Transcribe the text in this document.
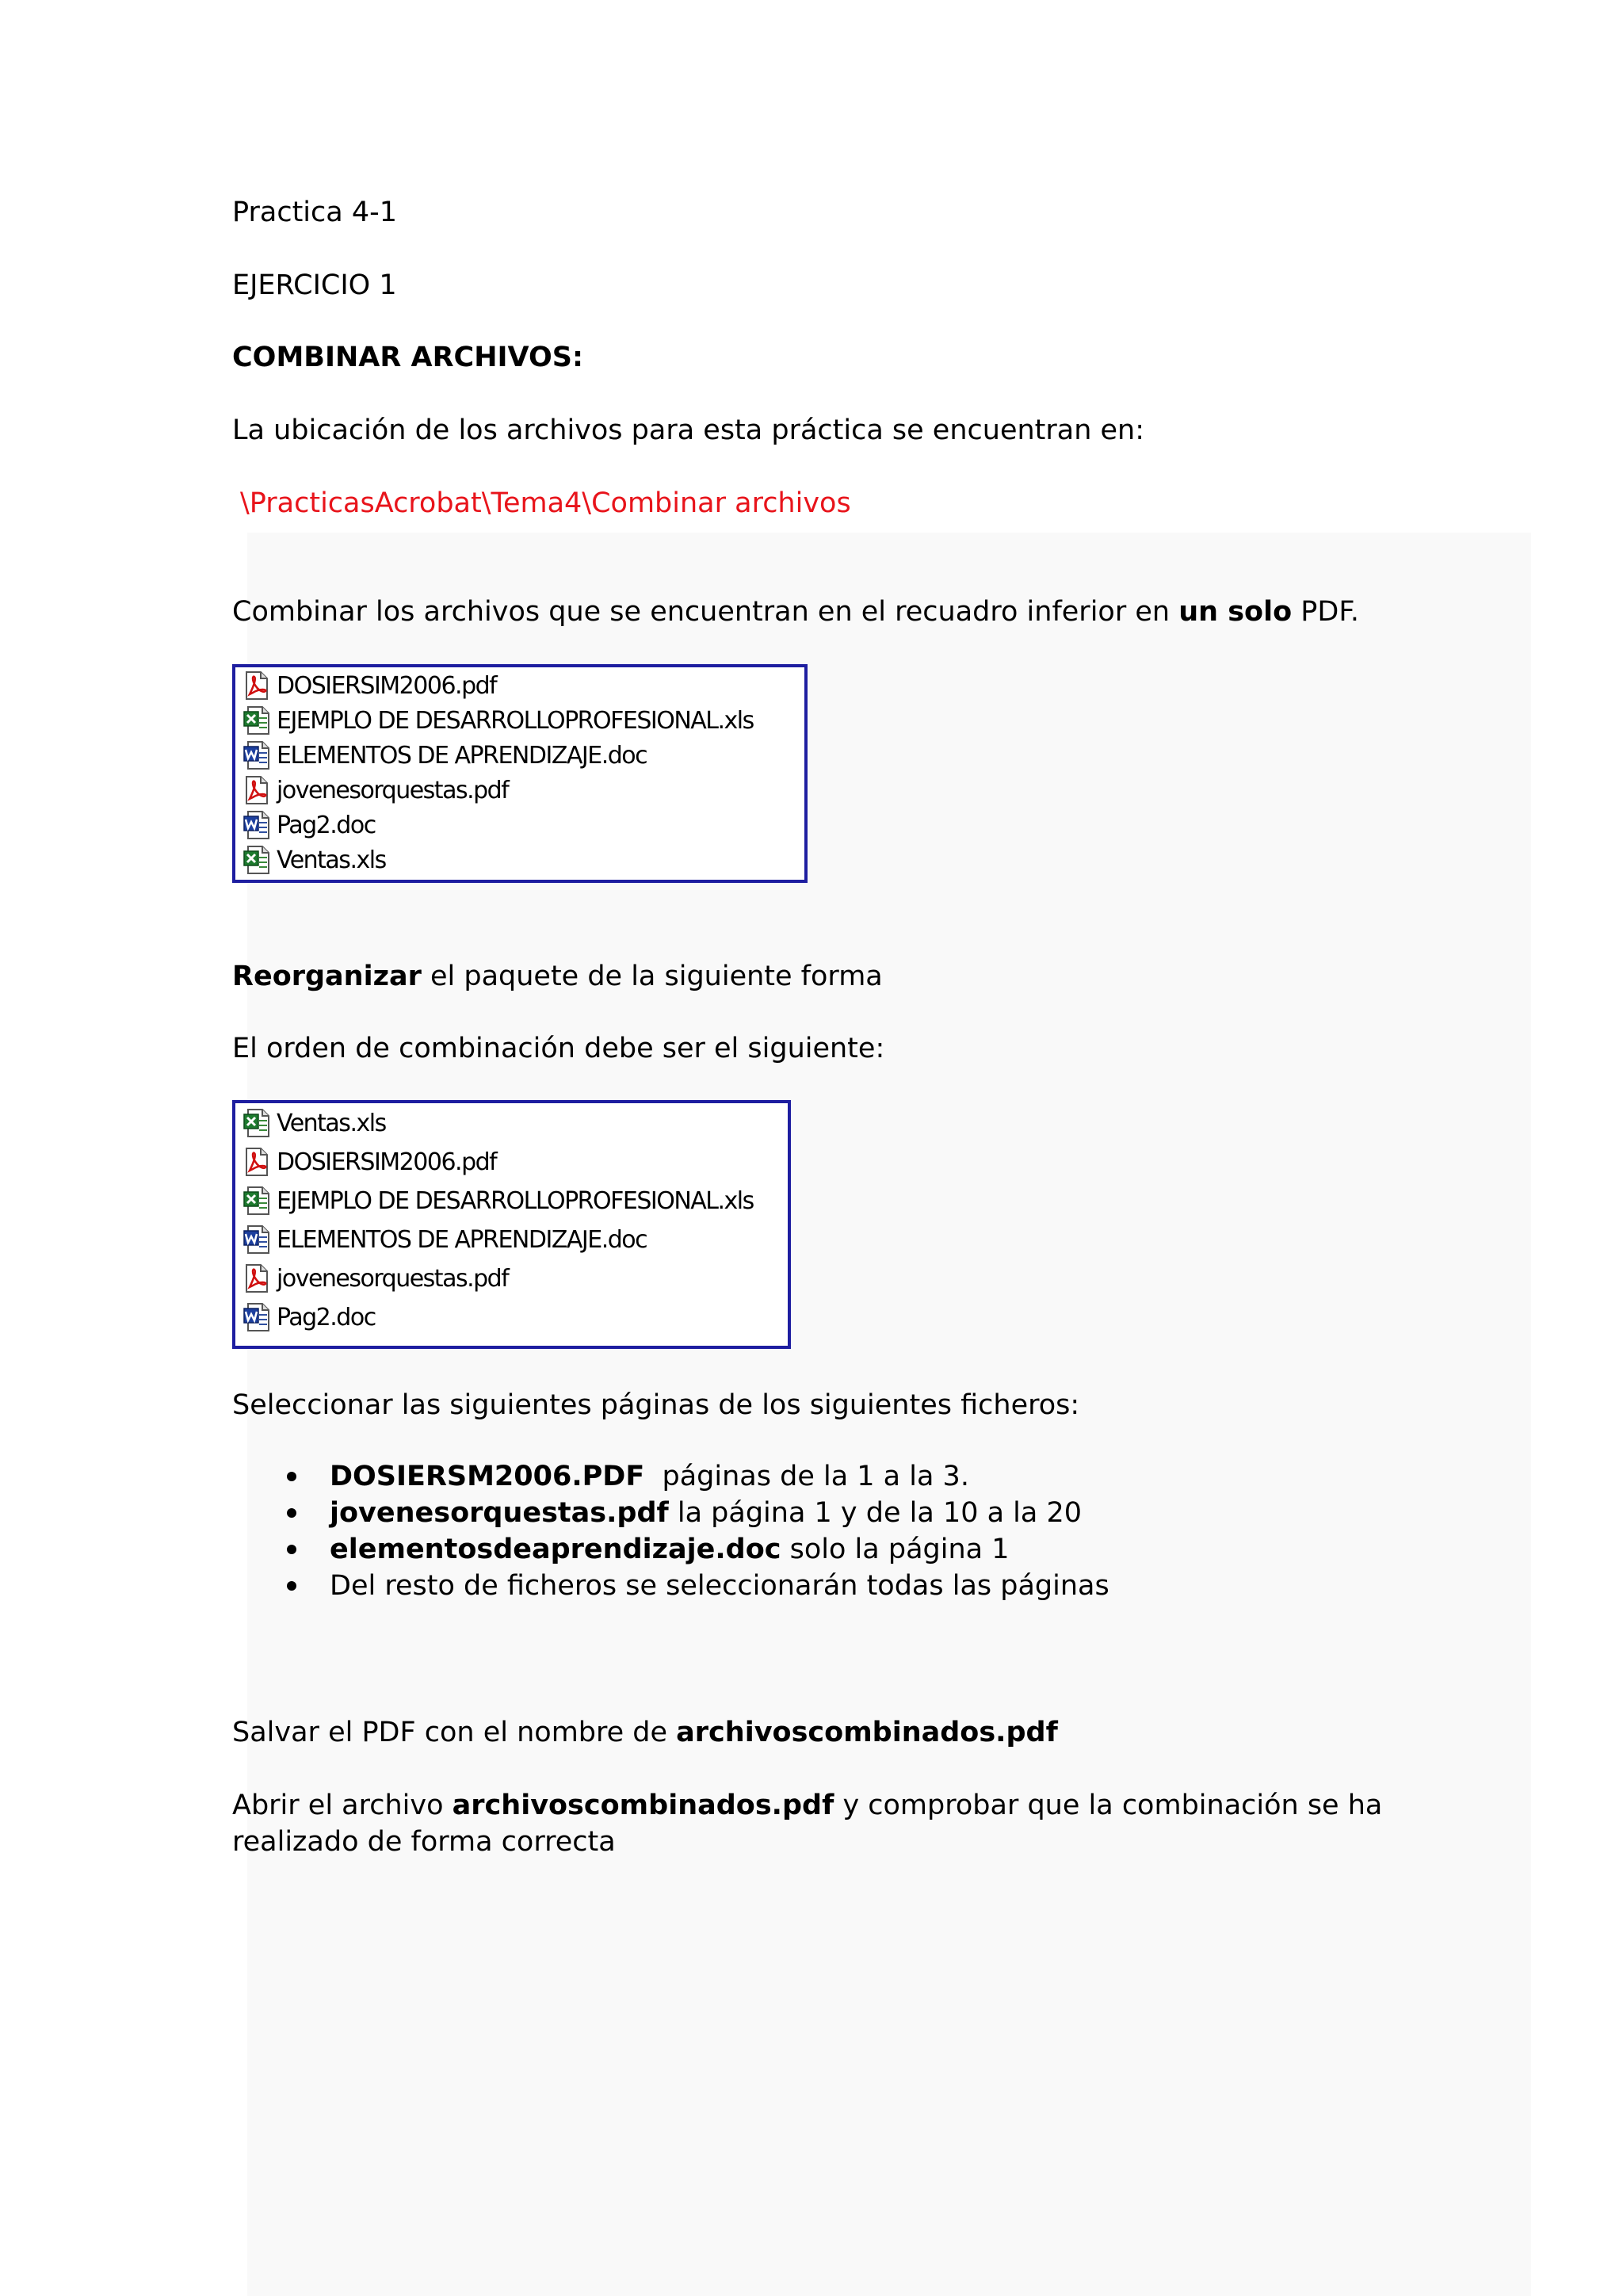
Practica 4-1
EJERCICIO 1
COMBINAR ARCHIVOS:
La ubicación de los archivos para esta práctica se encuentran en:
\PracticasAcrobat\Tema4\Combinar archivos
Combinar los archivos que se encuentran en el recuadro inferior en un solo PDF.
DOSIERSIM2006.pdf
EJEMPLO DE DESARROLLOPROFESIONAL.xls
ELEMENTOS DE APRENDIZAJE.doc
jovenesorquestas.pdf
Pag2.doc
Ventas.xls
Reorganizar el paquete de la siguiente forma
El orden de combinación debe ser el siguiente:
Ventas.xls
DOSIERSIM2006.pdf
EJEMPLO DE DESARROLLOPROFESIONAL.xls
ELEMENTOS DE APRENDIZAJE.doc
jovenesorquestas.pdf
Pag2.doc
Seleccionar las siguientes páginas de los siguientes ficheros:
DOSIERSM2006.PDF  páginas de la 1 a la 3.
jovenesorquestas.pdf la página 1 y de la 10 a la 20
elementosdeaprendizaje.doc solo la página 1
Del resto de ficheros se seleccionarán todas las páginas
Salvar el PDF con el nombre de archivoscombinados.pdf
Abrir el archivo archivoscombinados.pdf y comprobar que la combinación se ha
realizado de forma correcta
